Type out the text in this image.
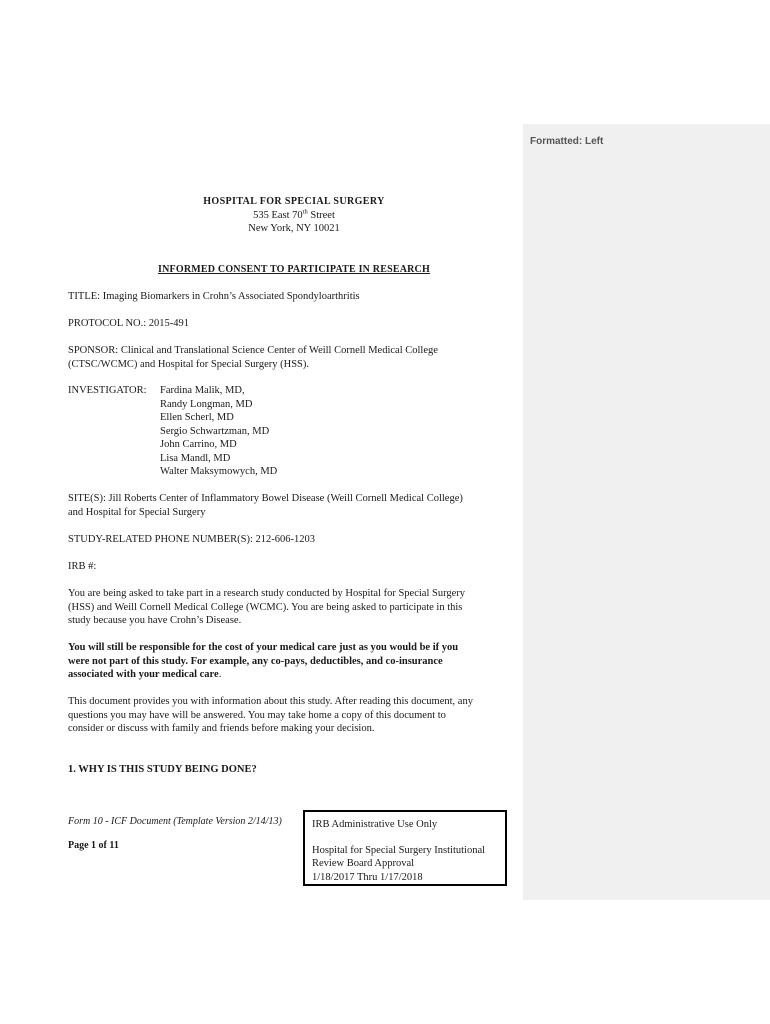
Formatted: Left
HOSPITAL FOR SPECIAL SURGERY
535 East 70th Street
New York, NY 10021
INFORMED CONSENT TO PARTICIPATE IN RESEARCH
TITLE: Imaging Biomarkers in Crohn’s Associated Spondyloarthritis
PROTOCOL NO.: 2015-491
SPONSOR: Clinical and Translational Science Center of Weill Cornell Medical College
(CTSC/WCMC) and Hospital for Special Surgery (HSS).
INVESTIGATOR:	Fardina Malik, MD,
Randy Longman, MD
Ellen Scherl, MD
Sergio Schwartzman, MD
John Carrino, MD
Lisa Mandl, MD
Walter Maksymowych, MD
SITE(S): Jill Roberts Center of Inflammatory Bowel Disease (Weill Cornell Medical College)
and Hospital for Special Surgery
STUDY-RELATED PHONE NUMBER(S): 212-606-1203
IRB #:
You are being asked to take part in a research study conducted by Hospital for Special Surgery
(HSS) and Weill Cornell Medical College (WCMC). You are being asked to participate in this
study because you have Crohn’s Disease.
You will still be responsible for the cost of your medical care just as you would be if you
were not part of this study. For example, any co-pays, deductibles, and co-insurance
associated with your medical care.
This document provides you with information about this study. After reading this document, any
questions you may have will be answered. You may take home a copy of this document to
consider or discuss with family and friends before making your decision.
1. WHY IS THIS STUDY BEING DONE?
Form 10 - ICF Document (Template Version 2/14/13)
Page 1 of 11
IRB Administrative Use Only
Hospital for Special Surgery Institutional
Review Board Approval
1/18/2017 Thru 1/17/2018
